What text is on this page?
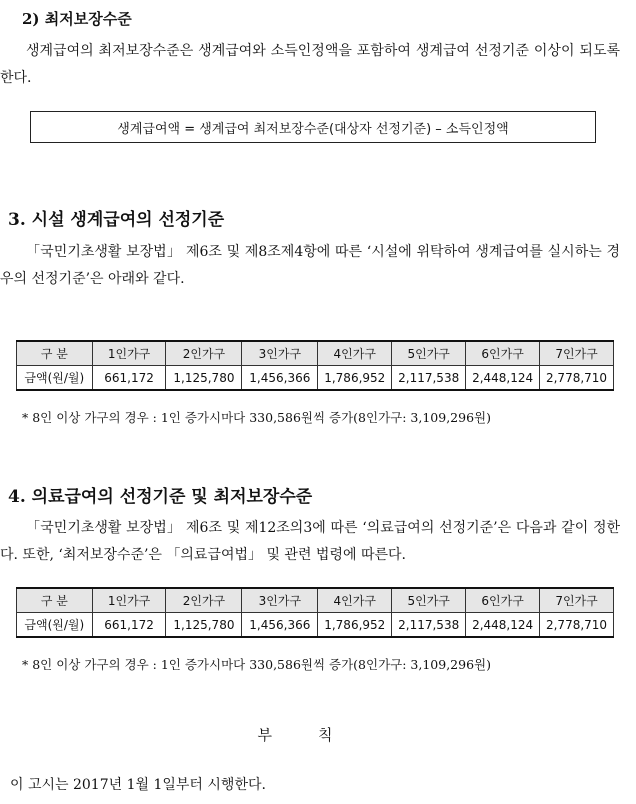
2) 최저보장수준
생계급여의 최저보장수준은 생계급여와 소득인정액을 포함하여 생계급여 선정기준 이상이 되도록 한다.
생계급여액 = 생계급여 최저보장수준(대상자 선정기준) – 소득인정액
3. 시설 생계급여의 선정기준
「국민기초생활 보장법」 제6조 및 제8조제4항에 따른 ‘시설에 위탁하여 생계급여를 실시하는 경우의 선정기준’은 아래와 같다.
구 분	1인가구	2인가구	3인가구	4인가구	5인가구	6인가구	7인가구
금액(원/월)	661,172	1,125,780	1,456,366	1,786,952	2,117,538	2,448,124	2,778,710
* 8인 이상 가구의 경우 : 1인 증가시마다 330,586원씩 증가(8인가구: 3,109,296원)
4. 의료급여의 선정기준 및 최저보장수준
「국민기초생활 보장법」 제6조 및 제12조의3에 따른 ‘의료급여의 선정기준’은 다음과 같이 정한다. 또한, ‘최저보장수준’은 「의료급여법」 및 관련 법령에 따른다.
구 분	1인가구	2인가구	3인가구	4인가구	5인가구	6인가구	7인가구
금액(원/월)	661,172	1,125,780	1,456,366	1,786,952	2,117,538	2,448,124	2,778,710
* 8인 이상 가구의 경우 : 1인 증가시마다 330,586원씩 증가(8인가구: 3,109,296원)
부칙
이 고시는 2017년 1월 1일부터 시행한다.
